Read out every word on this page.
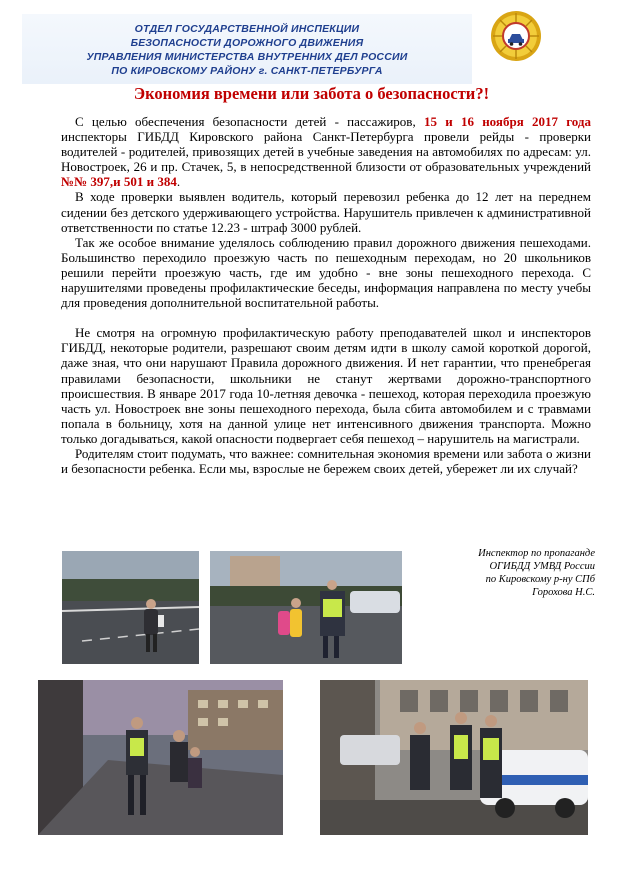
ОТДЕЛ ГОСУДАРСТВЕННОЙ ИНСПЕКЦИИ
БЕЗОПАСНОСТИ ДОРОЖНОГО ДВИЖЕНИЯ
УПРАВЛЕНИЯ МИНИСТЕРСТВА ВНУТРЕННИХ ДЕЛ РОССИИ
ПО КИРОВСКОМУ РАЙОНУ г. САНКТ-ПЕТЕРБУРГА
Экономия времени или забота о безопасности?!

С целью обеспечения безопасности детей - пассажиров, 15 и 16 ноября 2017 года инспекторы ГИБДД Кировского района Санкт-Петербурга провели рейды - проверки водителей - родителей, привозящих детей в учебные заведения на автомобилях по адресам: ул. Новостроек, 26 и пр. Стачек, 5, в непосредственной близости от образовательных учреждений №№ 397,и 501 и 384.

В ходе проверки выявлен водитель, который перевозил ребенка до 12 лет на переднем сидении без детского удерживающего устройства. Нарушитель привлечен к административной ответственности по статье 12.23 - штраф 3000 рублей.

Так же особое внимание уделялось соблюдению правил дорожного движения пешеходами. Большинство переходило проезжую часть по пешеходным переходам, но 20 школьников решили перейти проезжую часть, где им удобно - вне зоны пешеходного перехода. С нарушителями проведены профилактические беседы, информация направлена по месту учебы для проведения дополнительной воспитательной работы.

Не смотря на огромную профилактическую работу преподавателей школ и инспекторов ГИБДД, некоторые родители, разрешают своим детям идти в школу самой короткой дорогой, даже зная, что они нарушают Правила дорожного движения. И нет гарантии, что пренебрегая правилами безопасности, школьники не станут жертвами дорожно-транспортного происшествия. В январе 2017 года 10-летняя девочка - пешеход, которая переходила проезжую часть ул. Новостроек вне зоны пешеходного перехода, была сбита автомобилем и с травмами попала в больницу, хотя на данной улице нет интенсивного движения транспорта. Можно только догадываться, какой опасности подвергает себя пешеход – нарушитель на магистрали.

Родителям стоит подумать, что важнее: сомнительная экономия времени или забота о жизни и безопасности ребенка. Если мы, взрослые не бережем своих детей, убережет ли их случай?

Инспектор по пропаганде
ОГИБДД УМВД России
по Кировскому р-ну СПб
Горохова Н.С.
